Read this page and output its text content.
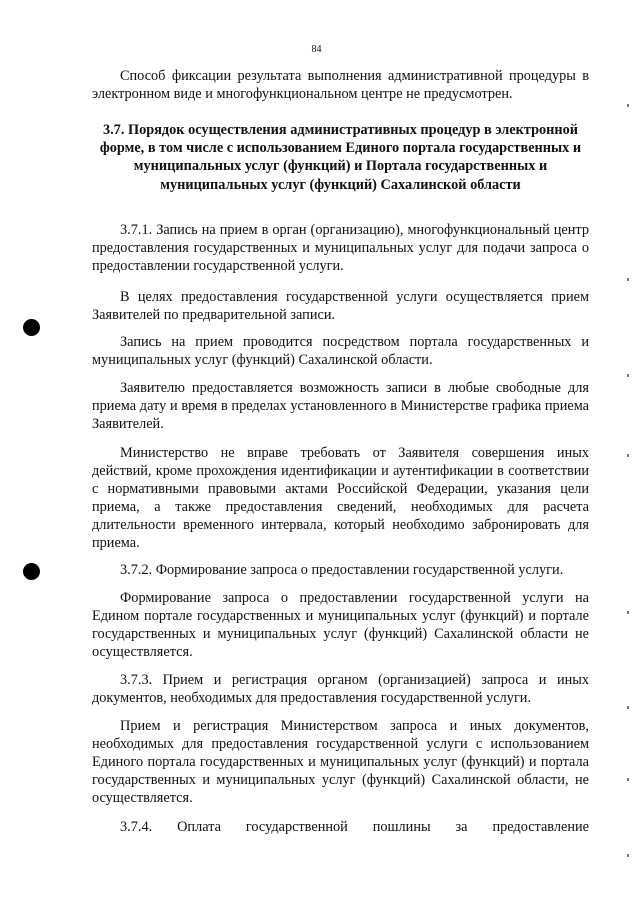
84

Способ фиксации результата выполнения административной процедуры в электронном виде и многофункциональном центре не предусмотрен.

3.7. Порядок осуществления административных процедур в электронной форме, в том числе с использованием Единого портала государственных и муниципальных услуг (функций) и Портала государственных и муниципальных услуг (функций) Сахалинской области

3.7.1. Запись на прием в орган (организацию), многофункциональный центр предоставления государственных и муниципальных услуг для подачи запроса о предоставлении государственной услуги.

В целях предоставления государственной услуги осуществляется прием Заявителей по предварительной записи.

Запись на прием проводится посредством портала государственных и муниципальных услуг (функций) Сахалинской области.

Заявителю предоставляется возможность записи в любые свободные для приема дату и время в пределах установленного в Министерстве графика приема Заявителей.

Министерство не вправе требовать от Заявителя совершения иных действий, кроме прохождения идентификации и аутентификации в соответствии с нормативными правовыми актами Российской Федерации, указания цели приема, а также предоставления сведений, необходимых для расчета длительности временного интервала, который необходимо забронировать для приема.

3.7.2. Формирование запроса о предоставлении государственной услуги.

Формирование запроса о предоставлении государственной услуги на Едином портале государственных и муниципальных услуг (функций) и портале государственных и муниципальных услуг (функций) Сахалинской области не осуществляется.

3.7.3. Прием и регистрация органом (организацией) запроса и иных документов, необходимых для предоставления государственной услуги.

Прием и регистрация Министерством запроса и иных документов, необходимых для предоставления государственной услуги с использованием Единого портала государственных и муниципальных услуг (функций) и портала государственных и муниципальных услуг (функций) Сахалинской области, не осуществляется.

3.7.4. Оплата государственной пошлины за предоставление
